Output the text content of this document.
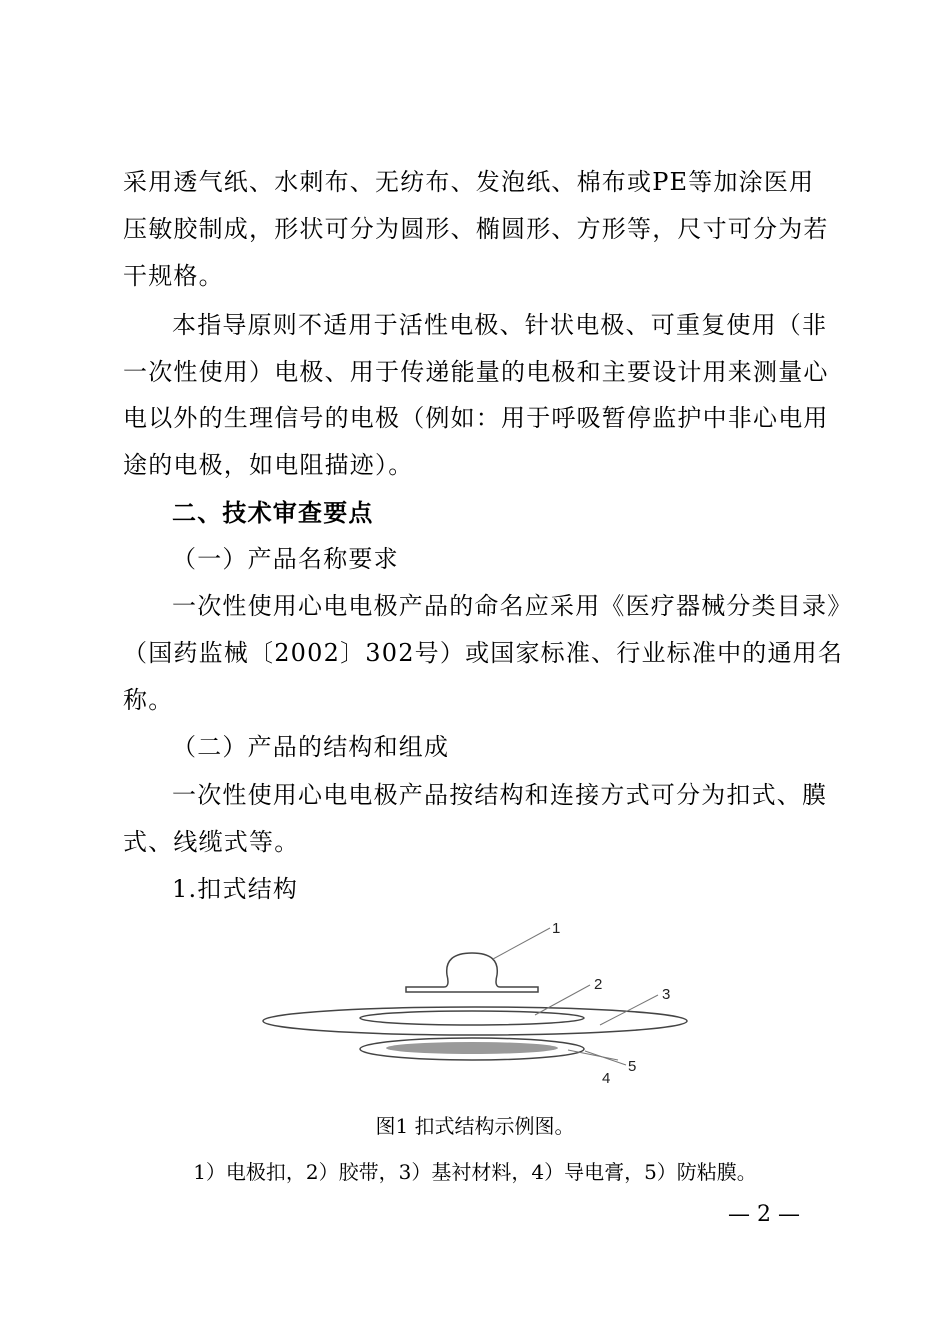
采用透气纸、水刺布、无纺布、发泡纸、棉布或PE等加涂医用
压敏胶制成，形状可分为圆形、椭圆形、方形等，尺寸可分为若
干规格。
本指导原则不适用于活性电极、针状电极、可重复使用（非
一次性使用）电极、用于传递能量的电极和主要设计用来测量心
电以外的生理信号的电极（例如：用于呼吸暂停监护中非心电用
途的电极，如电阻描迹）。
二、技术审查要点
（一）产品名称要求
一次性使用心电电极产品的命名应采用《医疗器械分类目录》
（国药监械〔2002〕302号）或国家标准、行业标准中的通用名
称。
（二）产品的结构和组成
一次性使用心电电极产品按结构和连接方式可分为扣式、膜
式、线缆式等。
1.扣式结构
1
2
3
4
5
图1 扣式结构示例图。
1）电极扣，2）胶带，3）基衬材料，4）导电膏，5）防粘膜。
— 2 —
